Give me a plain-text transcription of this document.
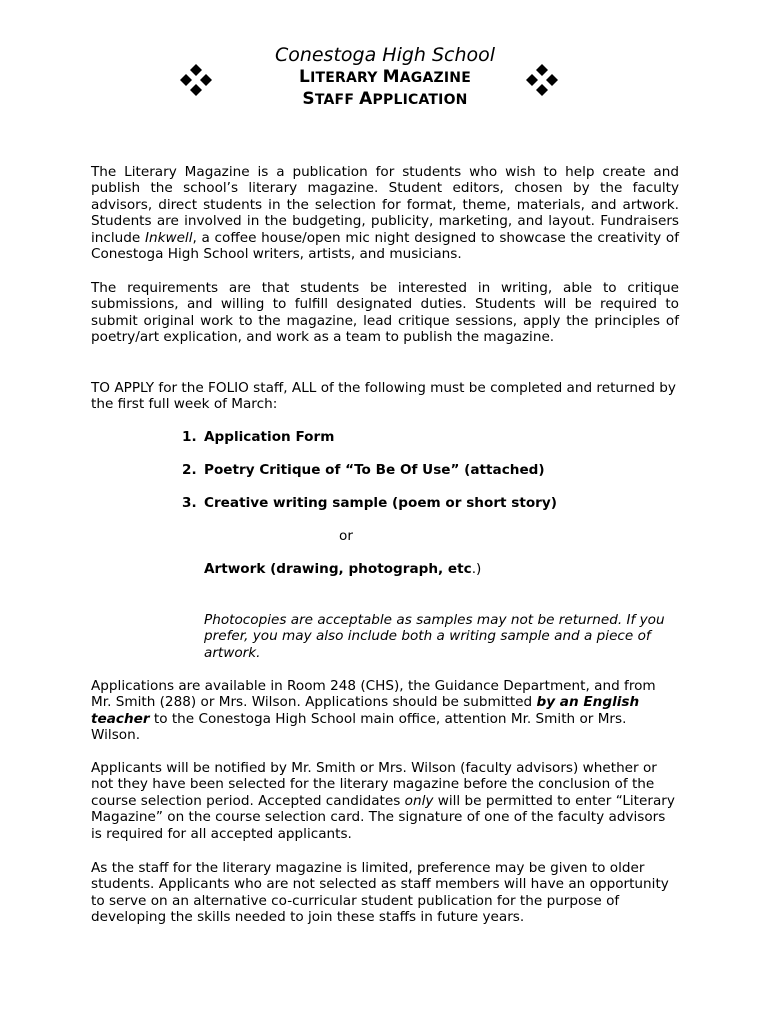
Conestoga High School
LITERARY MAGAZINE
STAFF APPLICATION

The Literary Magazine is a publication for students who wish to help create and publish the school’s literary magazine. Student editors, chosen by the faculty advisors, direct students in the selection for format, theme, materials, and artwork. Students are involved in the budgeting, publicity, marketing, and layout. Fundraisers include Inkwell, a coffee house/open mic night designed to showcase the creativity of Conestoga High School writers, artists, and musicians.

The requirements are that students be interested in writing, able to critique submissions, and willing to fulfill designated duties. Students will be required to submit original work to the magazine, lead critique sessions, apply the principles of poetry/art explication, and work as a team to publish the magazine.

TO APPLY for the FOLIO staff, ALL of the following must be completed and returned by the first full week of March:

1. Application Form
2. Poetry Critique of “To Be Of Use” (attached)
3. Creative writing sample (poem or short story)
or
Artwork (drawing, photograph, etc.)

Photocopies are acceptable as samples may not be returned. If you prefer, you may also include both a writing sample and a piece of artwork.

Applications are available in Room 248 (CHS), the Guidance Department, and from Mr. Smith (288) or Mrs. Wilson. Applications should be submitted by an English teacher to the Conestoga High School main office, attention Mr. Smith or Mrs. Wilson.

Applicants will be notified by Mr. Smith or Mrs. Wilson (faculty advisors) whether or not they have been selected for the literary magazine before the conclusion of the course selection period. Accepted candidates only will be permitted to enter “Literary Magazine” on the course selection card. The signature of one of the faculty advisors is required for all accepted applicants.

As the staff for the literary magazine is limited, preference may be given to older students. Applicants who are not selected as staff members will have an opportunity to serve on an alternative co-curricular student publication for the purpose of developing the skills needed to join these staffs in future years.
